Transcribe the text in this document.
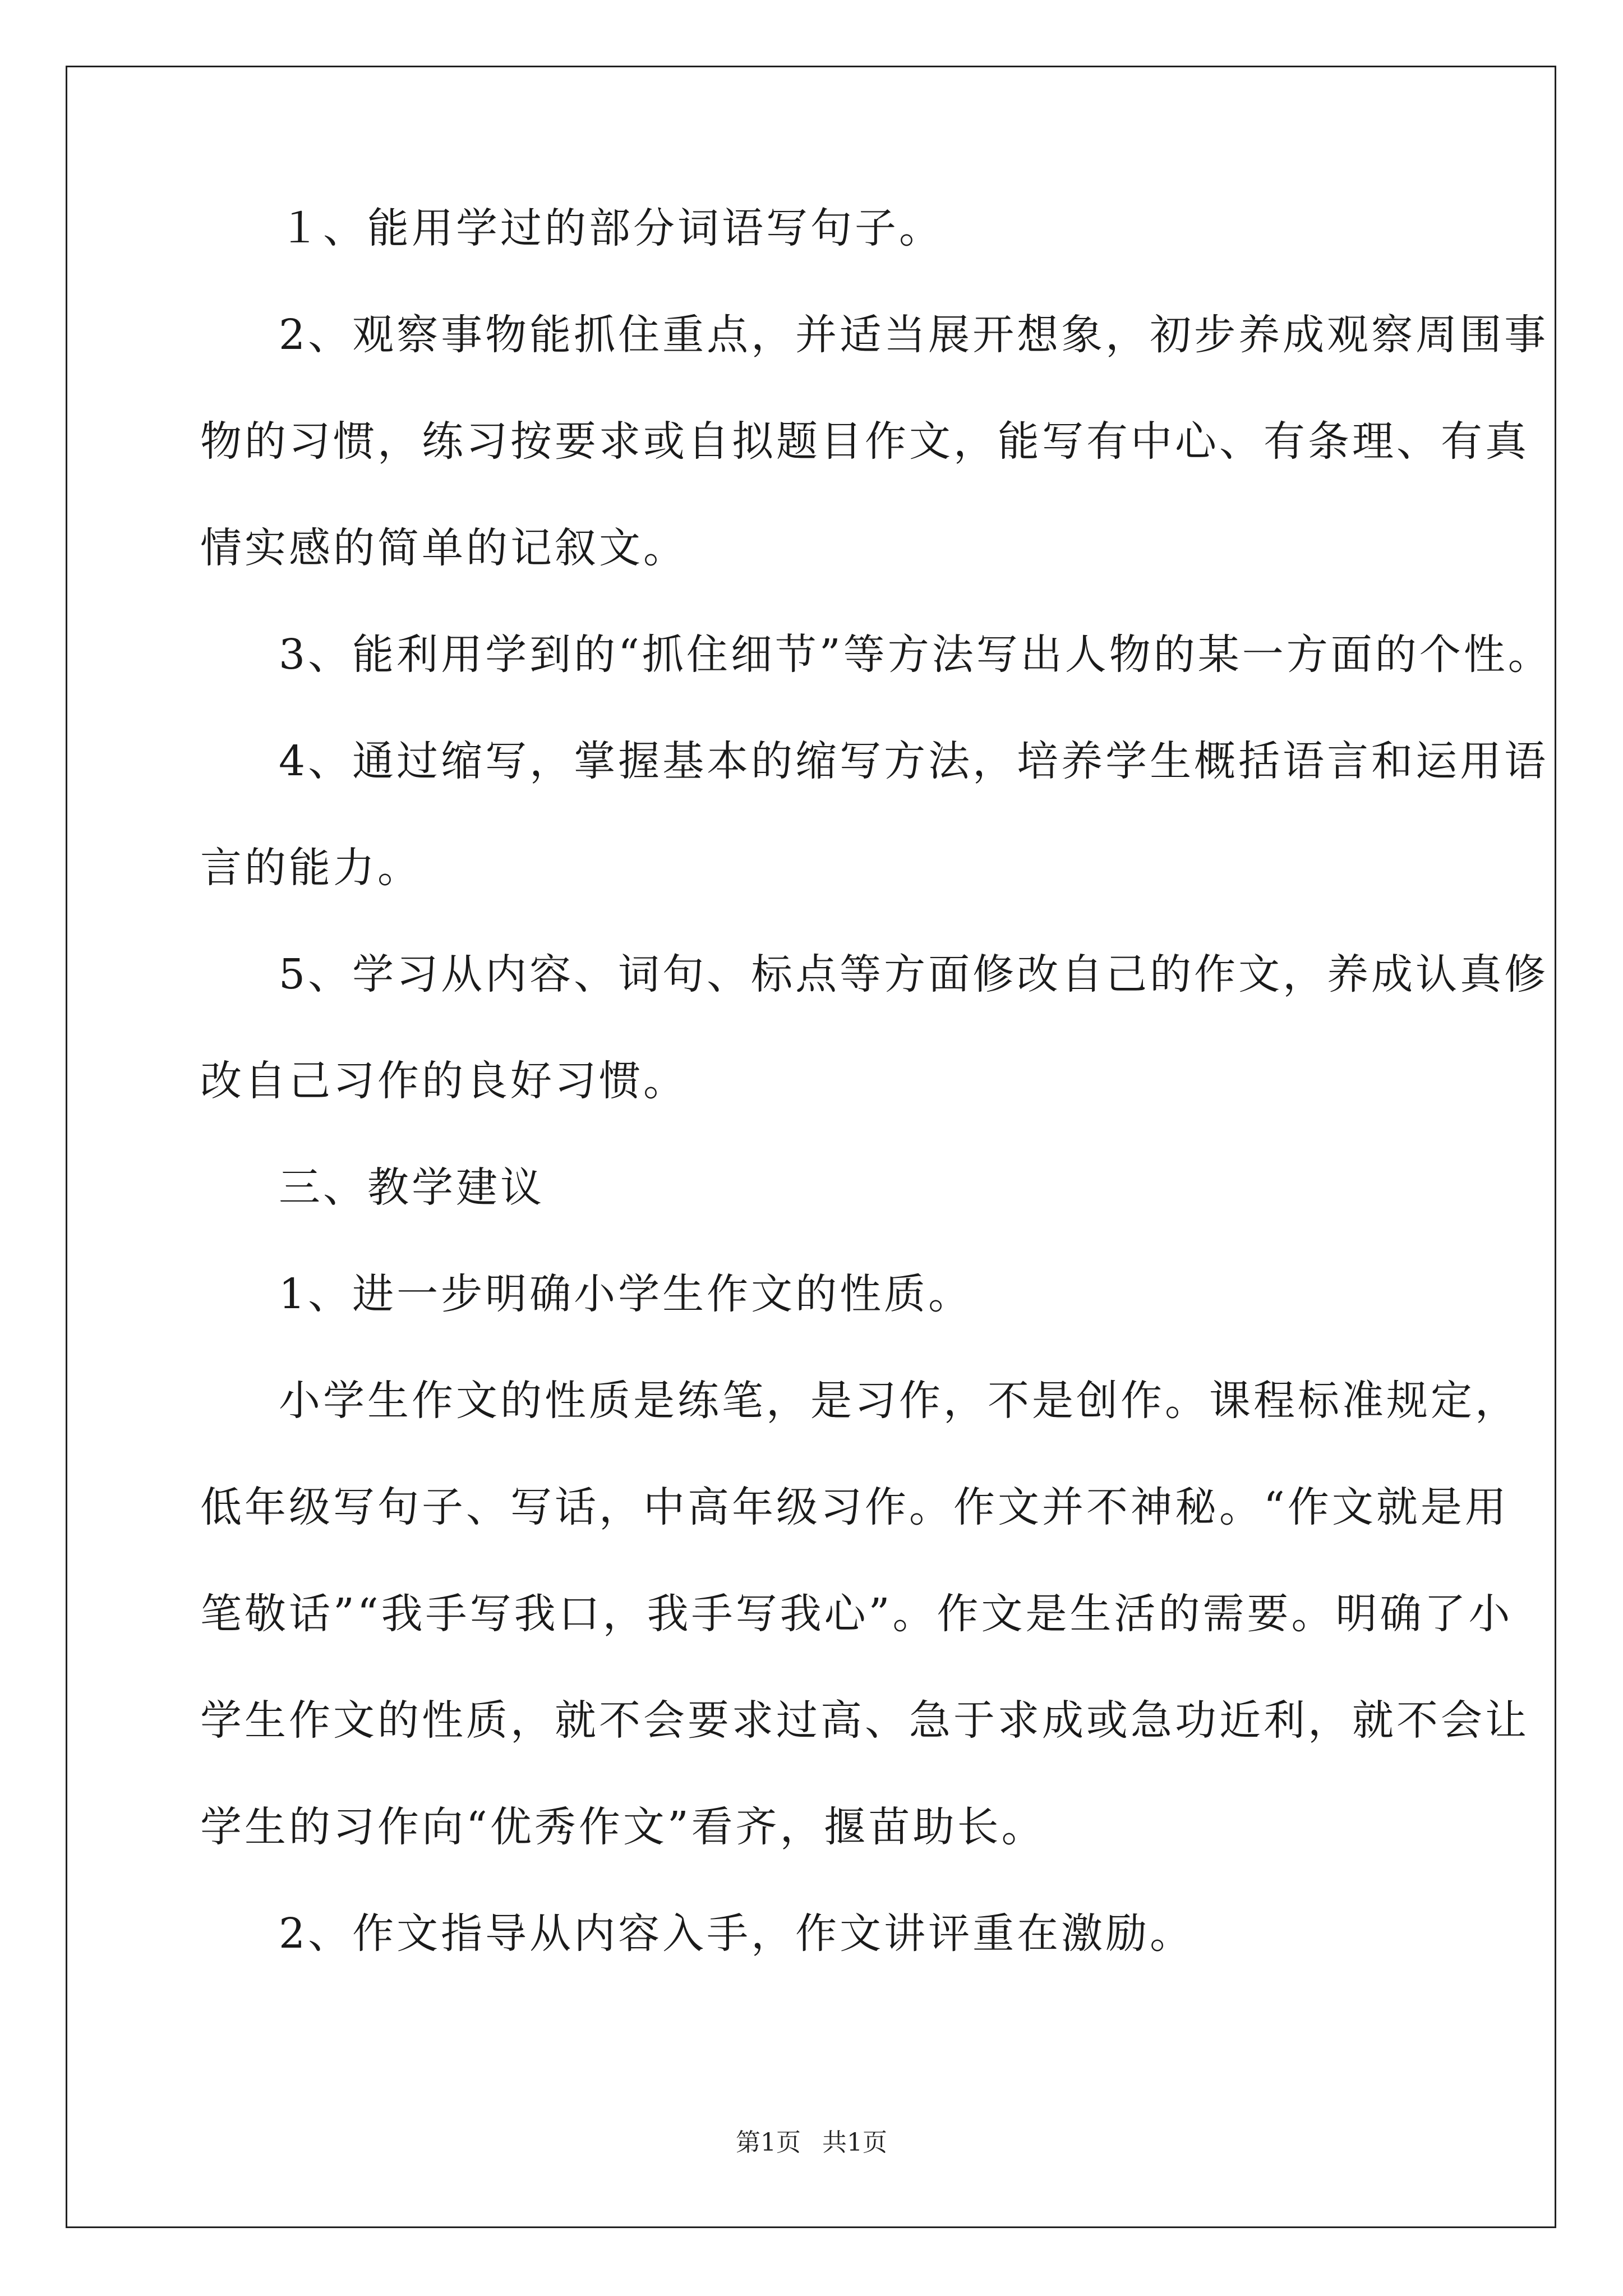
１、能用学过的部分词语写句子。
2、观察事物能抓住重点，并适当展开想象，初步养成观察周围事
物的习惯，练习按要求或自拟题目作文，能写有中心、有条理、有真
情实感的简单的记叙文。
3、能利用学到的“抓住细节”等方法写出人物的某一方面的个性。
4、通过缩写，掌握基本的缩写方法，培养学生概括语言和运用语
言的能力。
5、学习从内容、词句、标点等方面修改自己的作文，养成认真修
改自己习作的良好习惯。
三、教学建议
1、进一步明确小学生作文的性质。
小学生作文的性质是练笔，是习作，不是创作。课程标准规定，
低年级写句子、写话，中高年级习作。作文并不神秘。“作文就是用
笔敬话”“我手写我口，我手写我心”。作文是生活的需要。明确了小
学生作文的性质，就不会要求过高、急于求成或急功近利，就不会让
学生的习作向“优秀作文”看齐，揠苗助长。
2、作文指导从内容入手，作文讲评重在激励。
第1页 共1页
